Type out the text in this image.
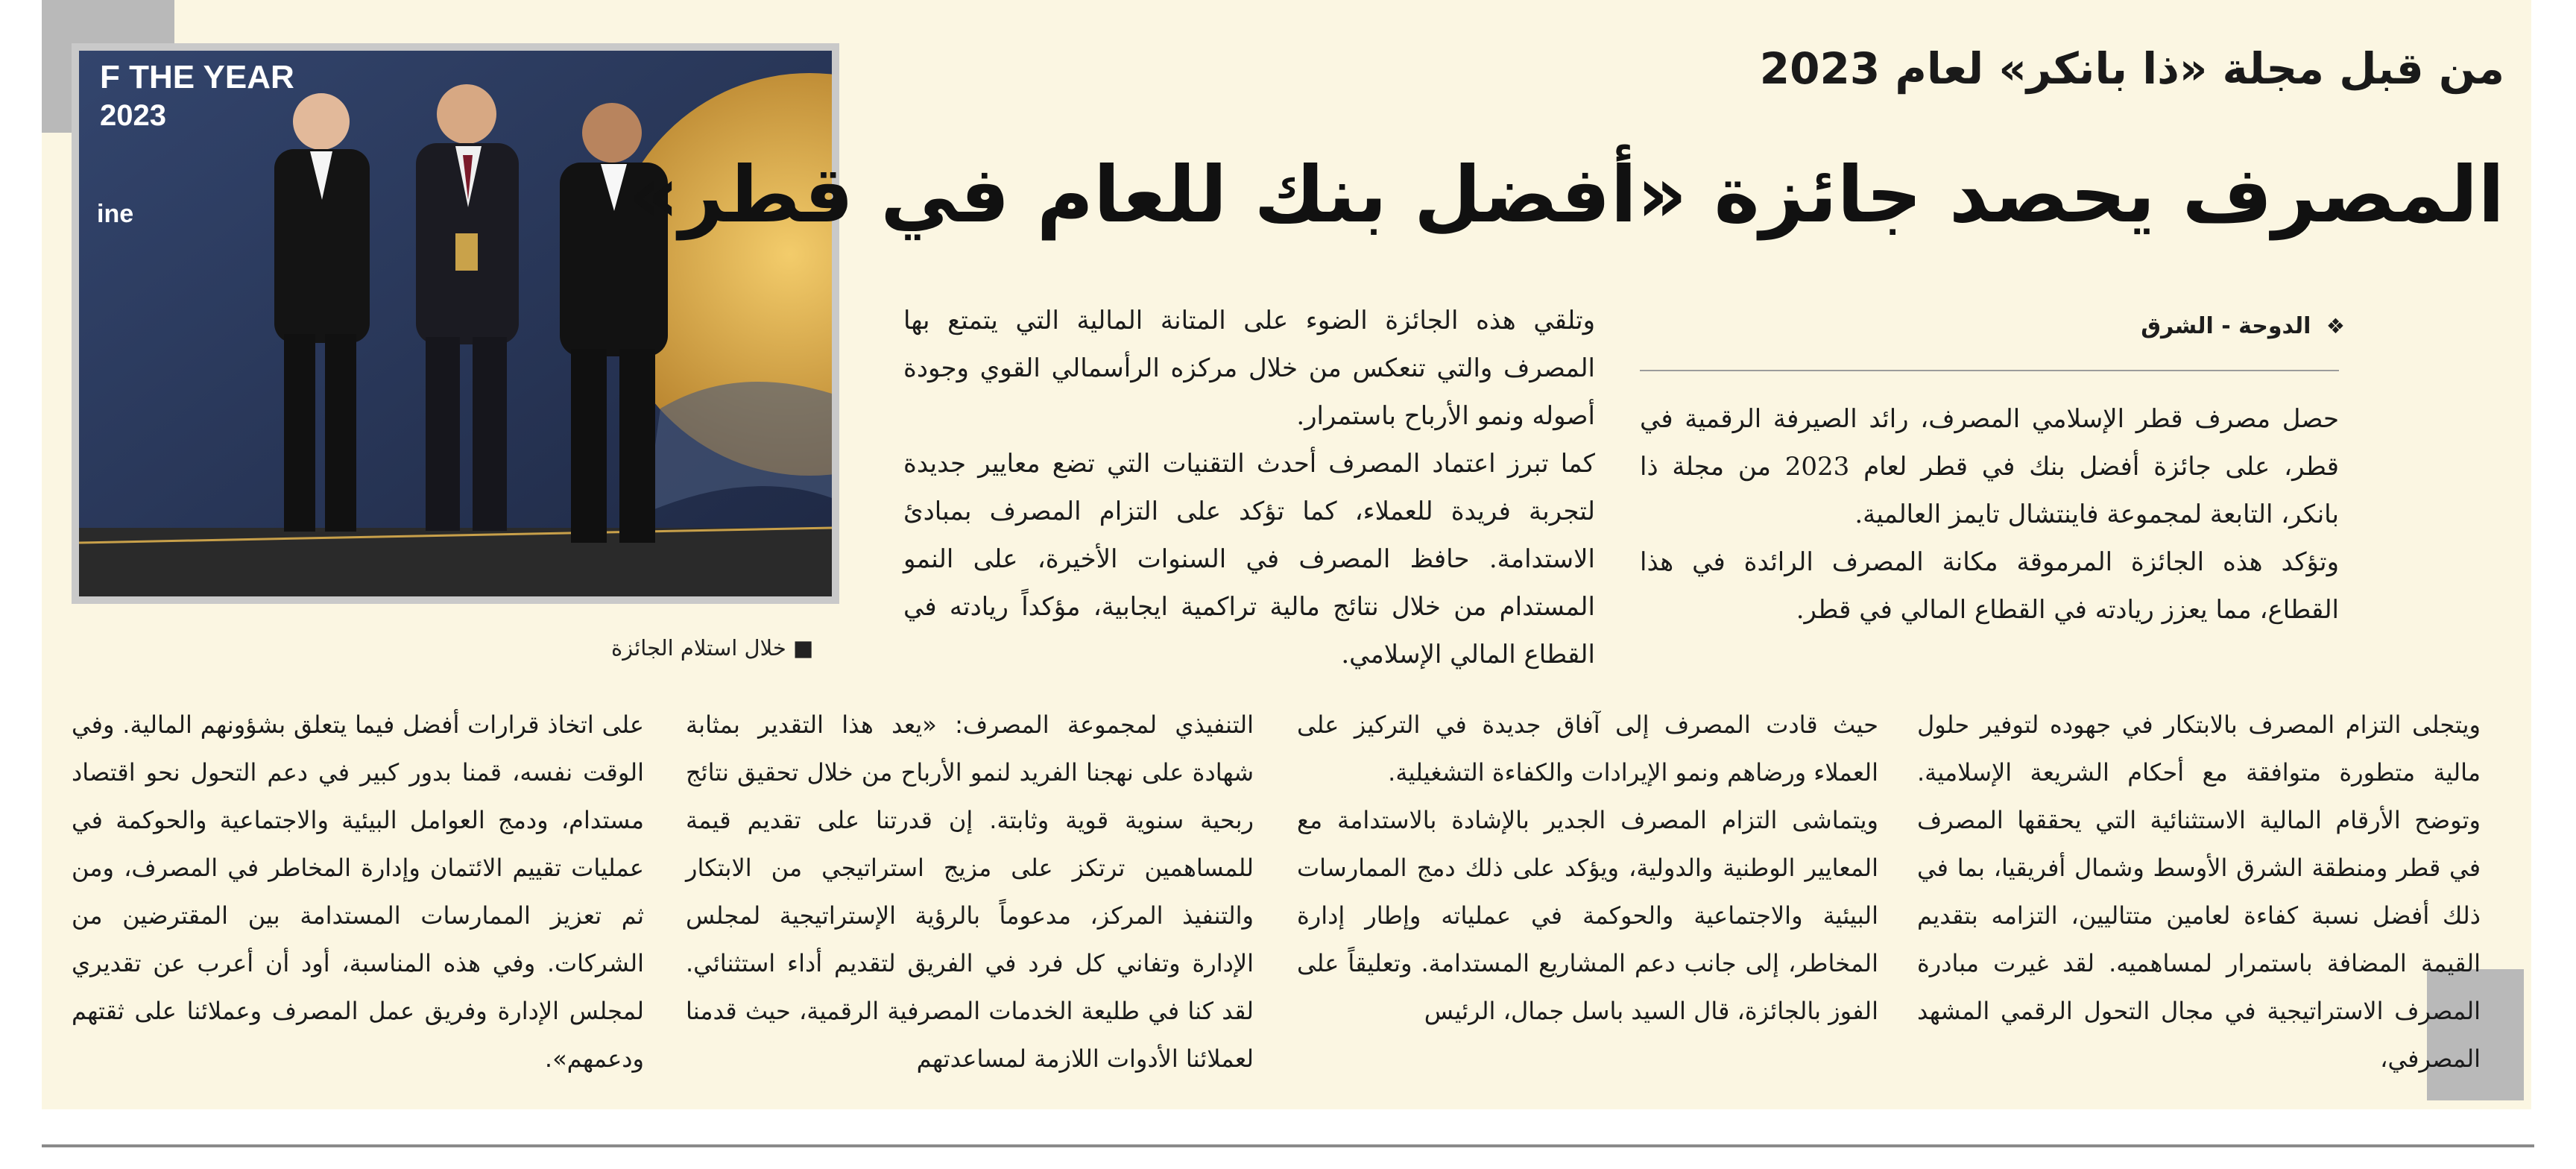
F THE YEAR
2023
ine
■ خلال استلام الجائزة
من قبل مجلة «ذا بانكر» لعام 2023
المصرف يحصد جائزة «أفضل بنك للعام في قطر»
❖ الدوحة - الشرق

حصل مصرف قطر الإسلامي المصرف، رائد الصيرفة الرقمية في قطر، على جائزة أفضل بنك في قطر لعام 2023 من مجلة ذا بانكر، التابعة لمجموعة فاينتشال تايمز العالمية.

وتؤكد هذه الجائزة المرموقة مكانة المصرف الرائدة في هذا القطاع، مما يعزز ريادته في القطاع المالي في قطر.

وتلقي هذه الجائزة الضوء على المتانة المالية التي يتمتع بها المصرف والتي تنعكس من خلال مركزه الرأسمالي القوي وجودة أصوله ونمو الأرباح باستمرار.

كما تبرز اعتماد المصرف أحدث التقنيات التي تضع معايير جديدة لتجربة فريدة للعملاء، كما تؤكد على التزام المصرف بمبادئ الاستدامة. حافظ المصرف في السنوات الأخيرة، على النمو المستدام من خلال نتائج مالية تراكمية ايجابية، مؤكداً ريادته في القطاع المالي الإسلامي.

ويتجلى التزام المصرف بالابتكار في جهوده لتوفير حلول مالية متطورة متوافقة مع أحكام الشريعة الإسلامية. وتوضح الأرقام المالية الاستثنائية التي يحققها المصرف في قطر ومنطقة الشرق الأوسط وشمال أفريقيا، بما في ذلك أفضل نسبة كفاءة لعامين متتاليين، التزامه بتقديم القيمة المضافة باستمرار لمساهميه. لقد غيرت مبادرة المصرف الاستراتيجية في مجال التحول الرقمي المشهد المصرفي،

حيث قادت المصرف إلى آفاق جديدة في التركيز على العملاء ورضاهم ونمو الإيرادات والكفاءة التشغيلية.

ويتماشى التزام المصرف الجدير بالإشادة بالاستدامة مع المعايير الوطنية والدولية، ويؤكد على ذلك دمج الممارسات البيئية والاجتماعية والحوكمة في عملياته وإطار إدارة المخاطر، إلى جانب دعم المشاريع المستدامة. وتعليقاً على الفوز بالجائزة، قال السيد باسل جمال، الرئيس

التنفيذي لمجموعة المصرف: «يعد هذا التقدير بمثابة شهادة على نهجنا الفريد لنمو الأرباح من خلال تحقيق نتائج ربحية سنوية قوية وثابتة. إن قدرتنا على تقديم قيمة للمساهمين ترتكز على مزيج استراتيجي من الابتكار والتنفيذ المركز، مدعوماً بالرؤية الإستراتيجية لمجلس الإدارة وتفاني كل فرد في الفريق لتقديم أداء استثنائي. لقد كنا في طليعة الخدمات المصرفية الرقمية، حيث قدمنا لعملائنا الأدوات اللازمة لمساعدتهم

على اتخاذ قرارات أفضل فيما يتعلق بشؤونهم المالية. وفي الوقت نفسه، قمنا بدور كبير في دعم التحول نحو اقتصاد مستدام، ودمج العوامل البيئية والاجتماعية والحوكمة في عمليات تقييم الائتمان وإدارة المخاطر في المصرف، ومن ثم تعزيز الممارسات المستدامة بين المقترضين من الشركات. وفي هذه المناسبة، أود أن أعرب عن تقديري لمجلس الإدارة وفريق عمل المصرف وعملائنا على ثقتهم ودعمهم».
